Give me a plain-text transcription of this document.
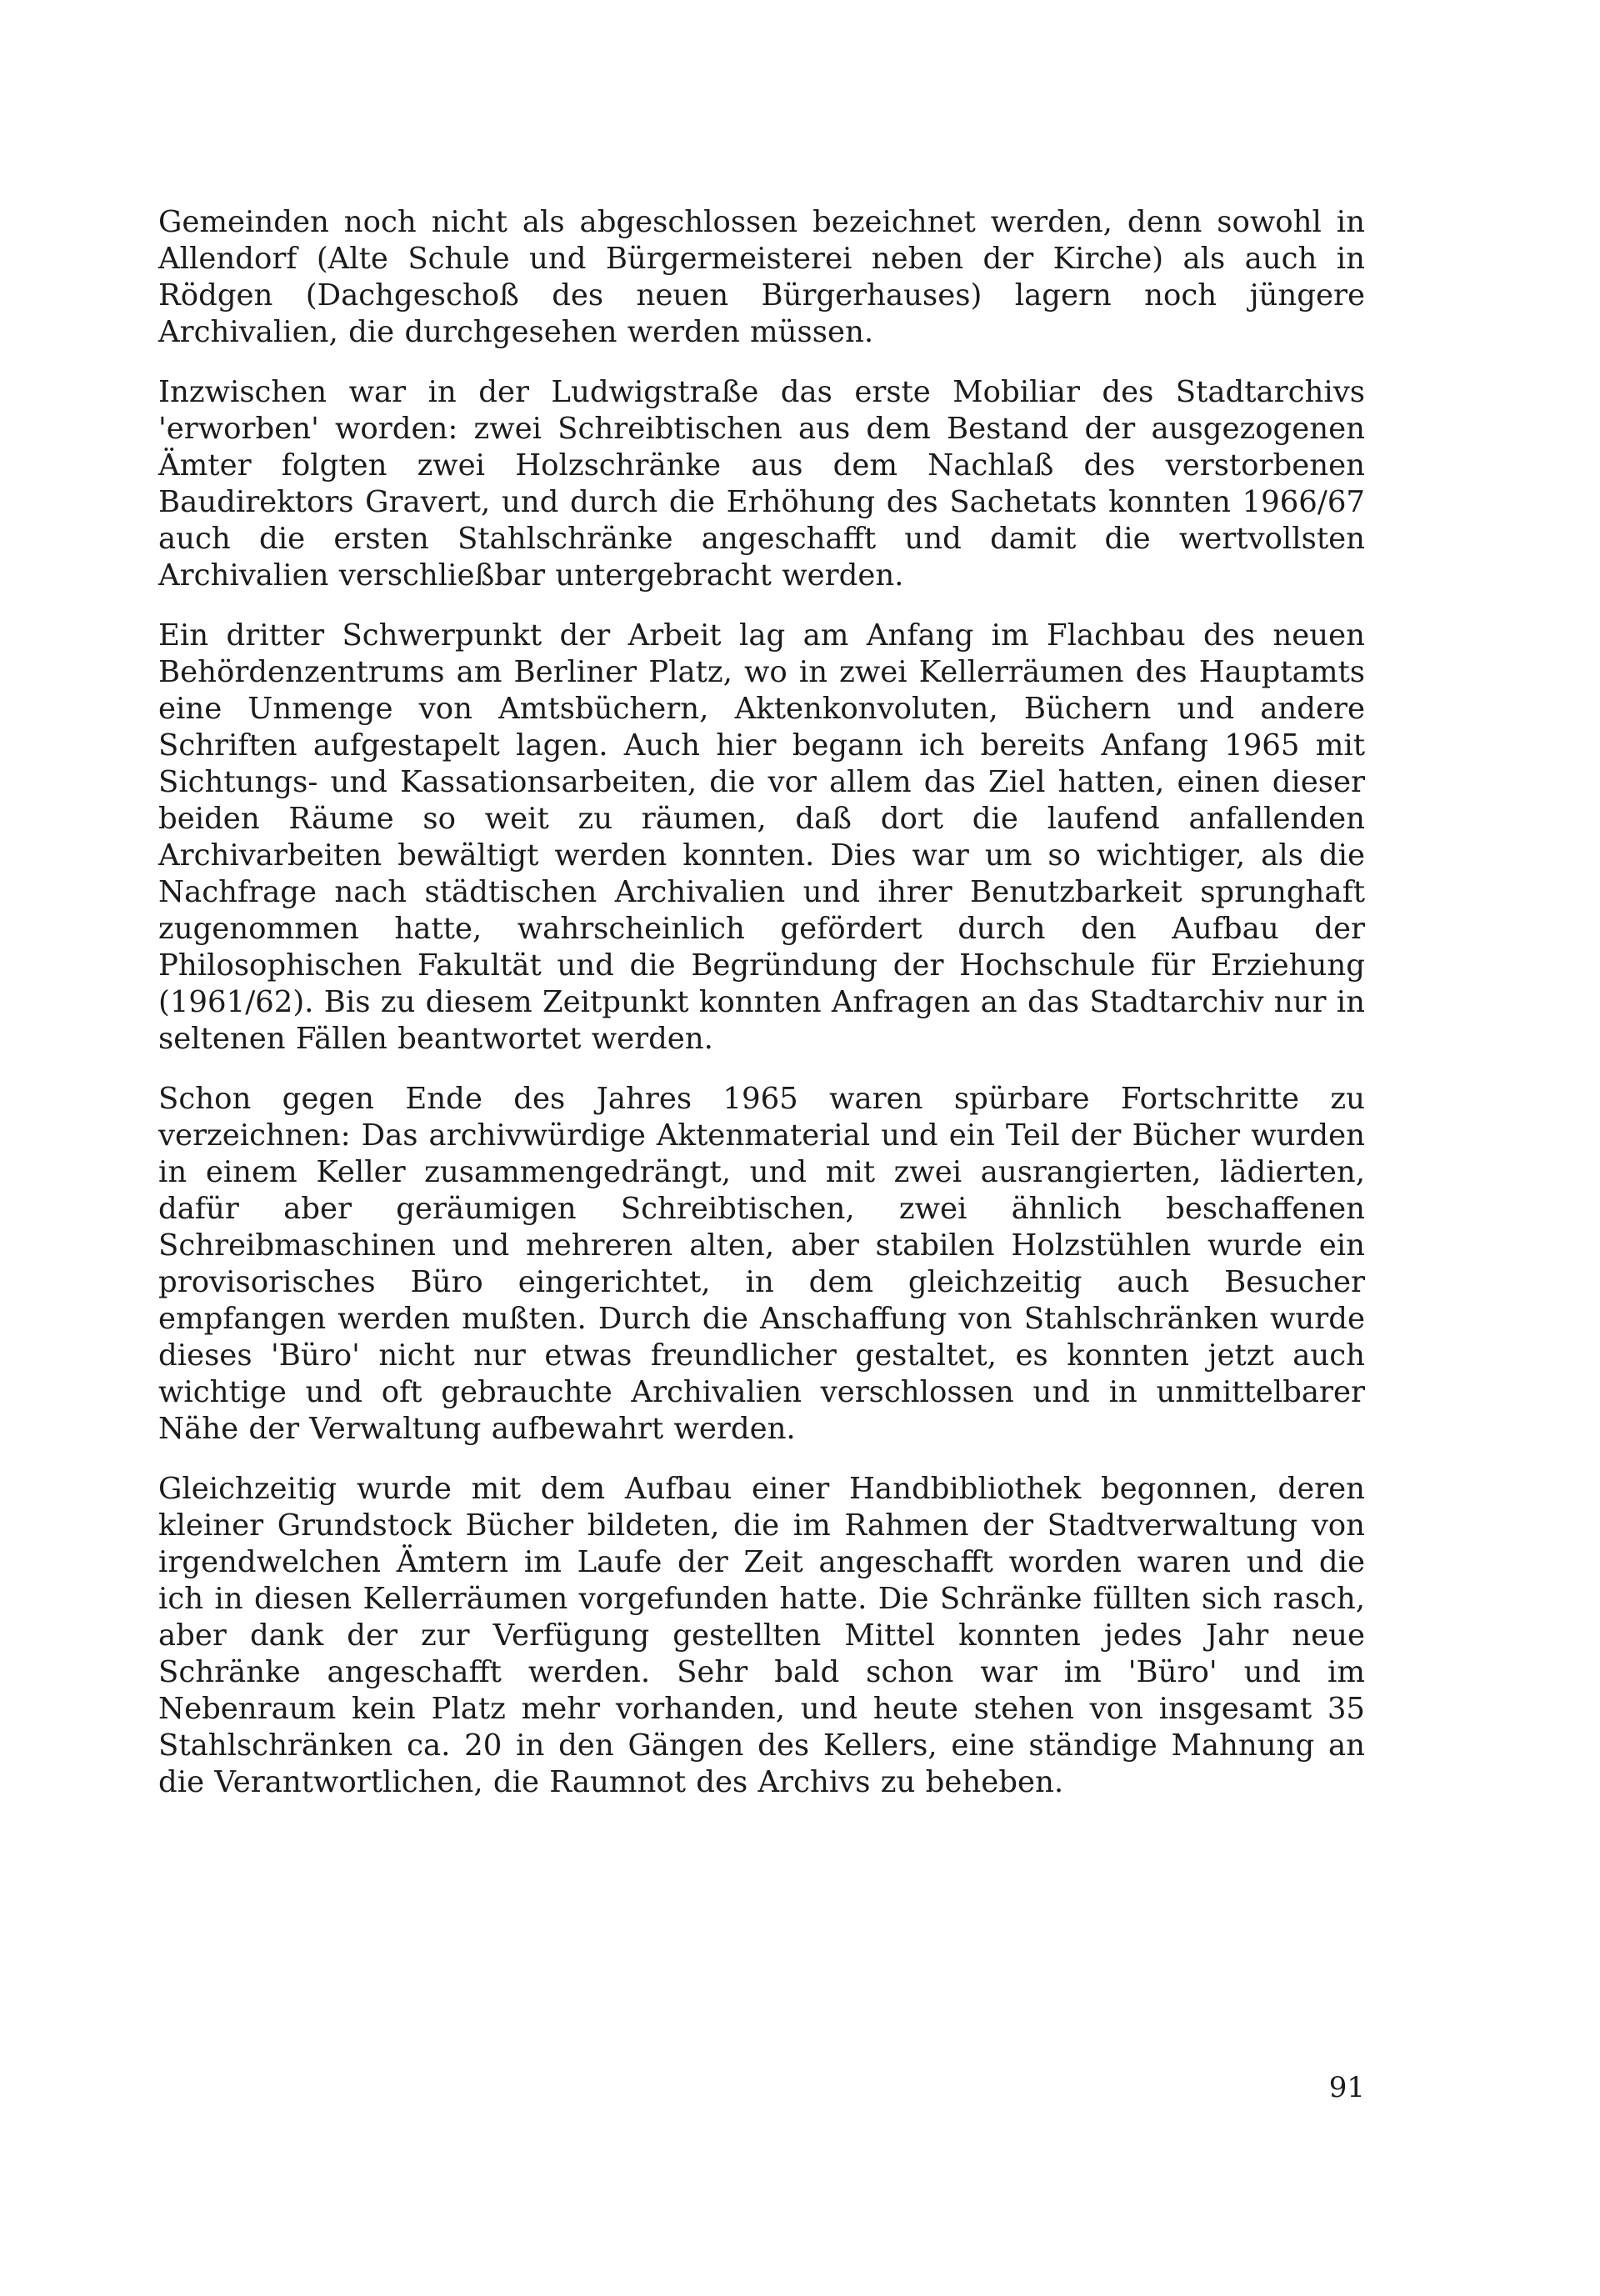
Gemeinden noch nicht als abgeschlossen bezeichnet werden, denn sowohl in Allendorf (Alte Schule und Bürgermeisterei neben der Kirche) als auch in Rödgen (Dachgeschoß des neuen Bürgerhauses) lagern noch jüngere Archivalien, die durchgesehen werden müssen.

Inzwischen war in der Ludwigstraße das erste Mobiliar des Stadtarchivs 'erworben' worden: zwei Schreibtischen aus dem Bestand der ausgezogenen Ämter folgten zwei Holzschränke aus dem Nachlaß des verstorbenen Baudirektors Gravert, und durch die Erhöhung des Sachetats konnten 1966/67 auch die ersten Stahlschränke angeschafft und damit die wertvollsten Archivalien verschließbar untergebracht werden.

Ein dritter Schwerpunkt der Arbeit lag am Anfang im Flachbau des neuen Behördenzentrums am Berliner Platz, wo in zwei Kellerräumen des Hauptamts eine Unmenge von Amtsbüchern, Aktenkonvoluten, Büchern und andere Schriften aufgestapelt lagen. Auch hier begann ich bereits Anfang 1965 mit Sichtungs- und Kassationsarbeiten, die vor allem das Ziel hatten, einen dieser beiden Räume so weit zu räumen, daß dort die laufend anfallenden Archivarbeiten bewältigt werden konnten. Dies war um so wichtiger, als die Nachfrage nach städtischen Archivalien und ihrer Benutzbarkeit sprunghaft zugenommen hatte, wahrscheinlich gefördert durch den Aufbau der Philosophischen Fakultät und die Begründung der Hochschule für Erziehung (1961/62). Bis zu diesem Zeitpunkt konnten Anfragen an das Stadtarchiv nur in seltenen Fällen beantwortet werden.

Schon gegen Ende des Jahres 1965 waren spürbare Fortschritte zu verzeichnen: Das archivwürdige Aktenmaterial und ein Teil der Bücher wurden in einem Keller zusammengedrängt, und mit zwei ausrangierten, lädierten, dafür aber geräumigen Schreibtischen, zwei ähnlich beschaffenen Schreibmaschinen und mehreren alten, aber stabilen Holzstühlen wurde ein provisorisches Büro eingerichtet, in dem gleichzeitig auch Besucher empfangen werden mußten. Durch die Anschaffung von Stahlschränken wurde dieses 'Büro' nicht nur etwas freundlicher gestaltet, es konnten jetzt auch wichtige und oft gebrauchte Archivalien verschlossen und in unmittelbarer Nähe der Verwaltung aufbewahrt werden.

Gleichzeitig wurde mit dem Aufbau einer Handbibliothek begonnen, deren kleiner Grundstock Bücher bildeten, die im Rahmen der Stadtverwaltung von irgendwelchen Ämtern im Laufe der Zeit angeschafft worden waren und die ich in diesen Kellerräumen vorgefunden hatte. Die Schränke füllten sich rasch, aber dank der zur Verfügung gestellten Mittel konnten jedes Jahr neue Schränke angeschafft werden. Sehr bald schon war im 'Büro' und im Nebenraum kein Platz mehr vorhanden, und heute stehen von insgesamt 35 Stahlschränken ca. 20 in den Gängen des Kellers, eine ständige Mahnung an die Verantwortlichen, die Raumnot des Archivs zu beheben.

91
